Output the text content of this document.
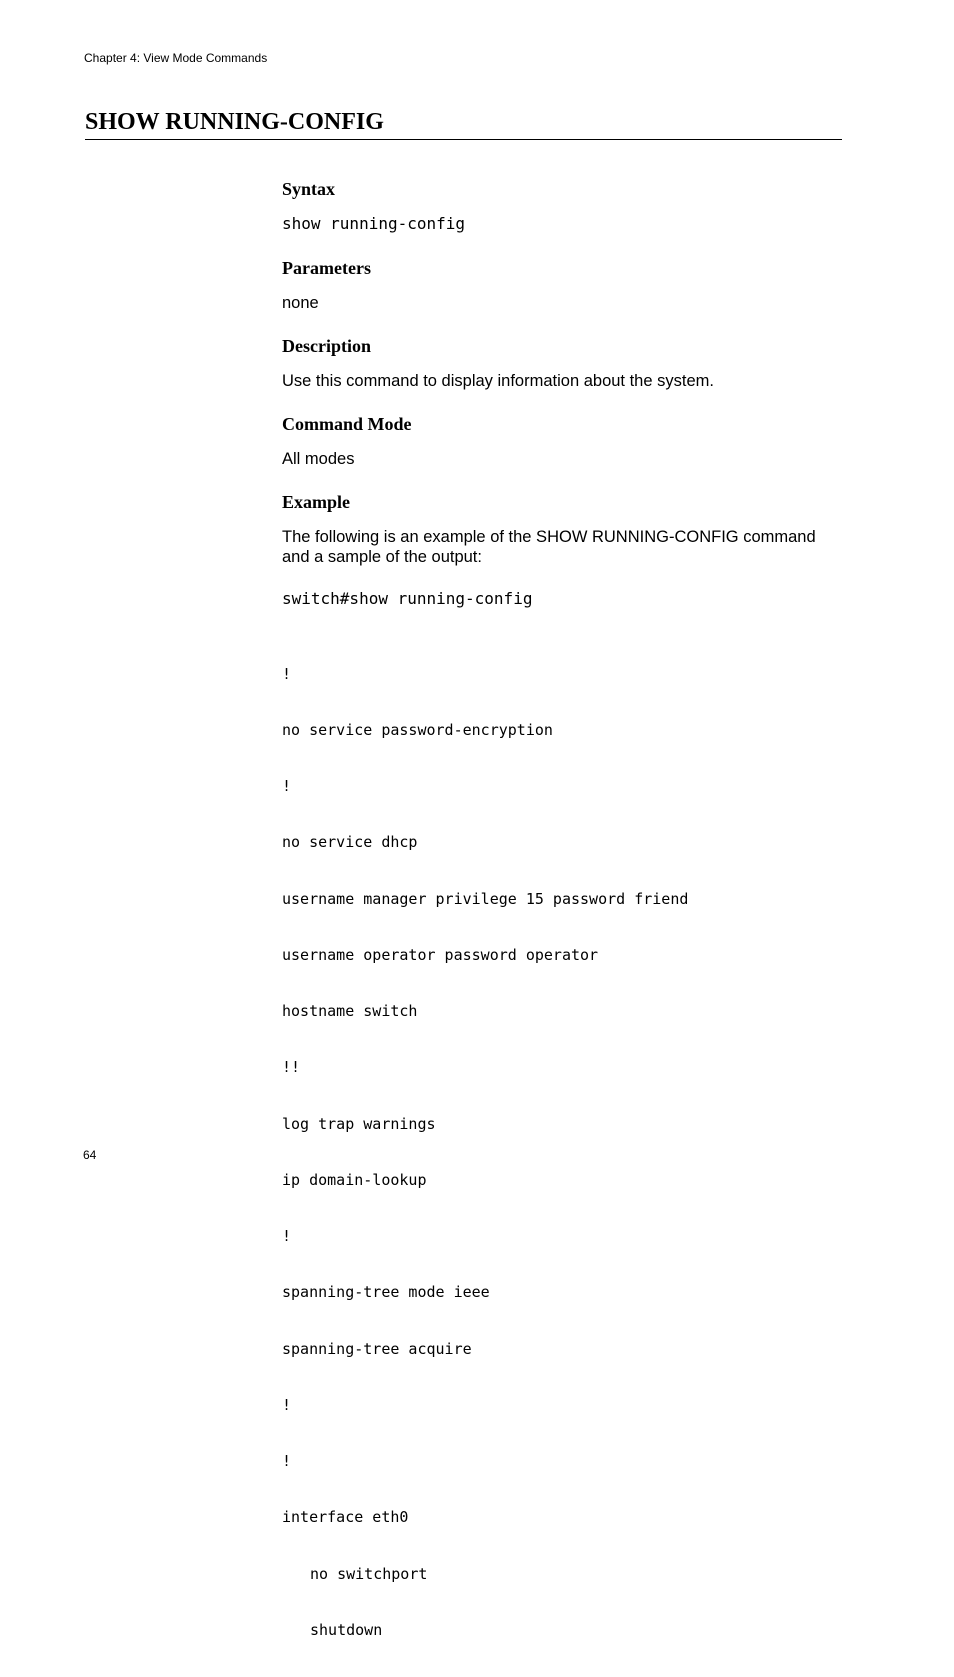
Chapter 4: View Mode Commands

SHOW RUNNING-CONFIG
Syntax

show running-config

Parameters

none

Description

Use this command to display information about the system.

Command Mode

All modes

Example

The following is an example of the SHOW RUNNING-CONFIG command and a sample of the output:

switch#show running-config

!

no service password-encryption

!

no service dhcp

username manager privilege 15 password friend

username operator password operator

hostname switch

!!

log trap warnings

ip domain-lookup

!

spanning-tree mode ieee

spanning-tree acquire

!

!

interface eth0

no switchport

shutdown

64
